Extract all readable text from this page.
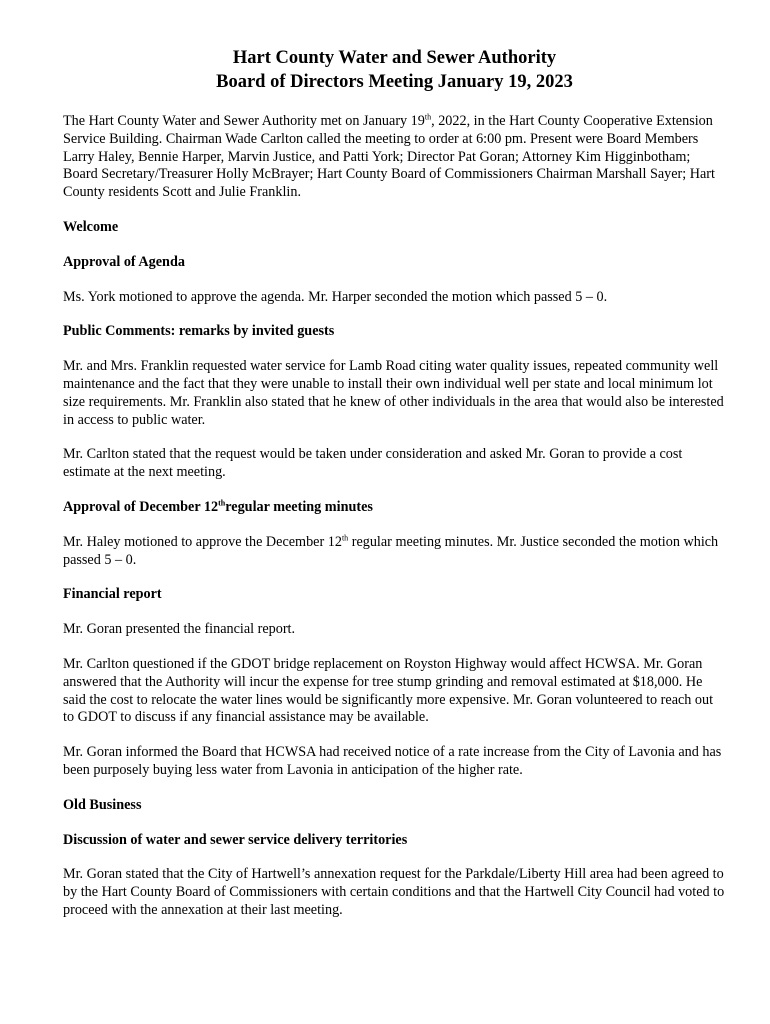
Hart County Water and Sewer Authority

Board of Directors Meeting January 19, 2023

The Hart County Water and Sewer Authority met on January 19th, 2022, in the Hart County Cooperative Extension Service Building. Chairman Wade Carlton called the meeting to order at 6:00 pm. Present were Board Members Larry Haley, Bennie Harper, Marvin Justice, and Patti York; Director Pat Goran; Attorney Kim Higginbotham; Board Secretary/Treasurer Holly McBrayer; Hart County Board of Commissioners Chairman Marshall Sayer; Hart County residents Scott and Julie Franklin.

Welcome
Approval of Agenda

Ms. York motioned to approve the agenda. Mr. Harper seconded the motion which passed 5 – 0.

Public Comments: remarks by invited guests

Mr. and Mrs. Franklin requested water service for Lamb Road citing water quality issues, repeated community well maintenance and the fact that they were unable to install their own individual well per state and local minimum lot size requirements. Mr. Franklin also stated that he knew of other individuals in the area that would also be interested in access to public water.

Mr. Carlton stated that the request would be taken under consideration and asked Mr. Goran to provide a cost estimate at the next meeting.

Approval of December 12thregular meeting minutes

Mr. Haley motioned to approve the December 12th regular meeting minutes. Mr. Justice seconded the motion which passed 5 – 0.

Financial report

Mr. Goran presented the financial report.

Mr. Carlton questioned if the GDOT bridge replacement on Royston Highway would affect HCWSA. Mr. Goran answered that the Authority will incur the expense for tree stump grinding and removal estimated at $18,000. He said the cost to relocate the water lines would be significantly more expensive. Mr. Goran volunteered to reach out to GDOT to discuss if any financial assistance may be available.

Mr. Goran informed the Board that HCWSA had received notice of a rate increase from the City of Lavonia and has been purposely buying less water from Lavonia in anticipation of the higher rate.

Old Business
Discussion of water and sewer service delivery territories

Mr. Goran stated that the City of Hartwell’s annexation request for the Parkdale/Liberty Hill area had been agreed to by the Hart County Board of Commissioners with certain conditions and that the Hartwell City Council had voted to proceed with the annexation at their last meeting.
